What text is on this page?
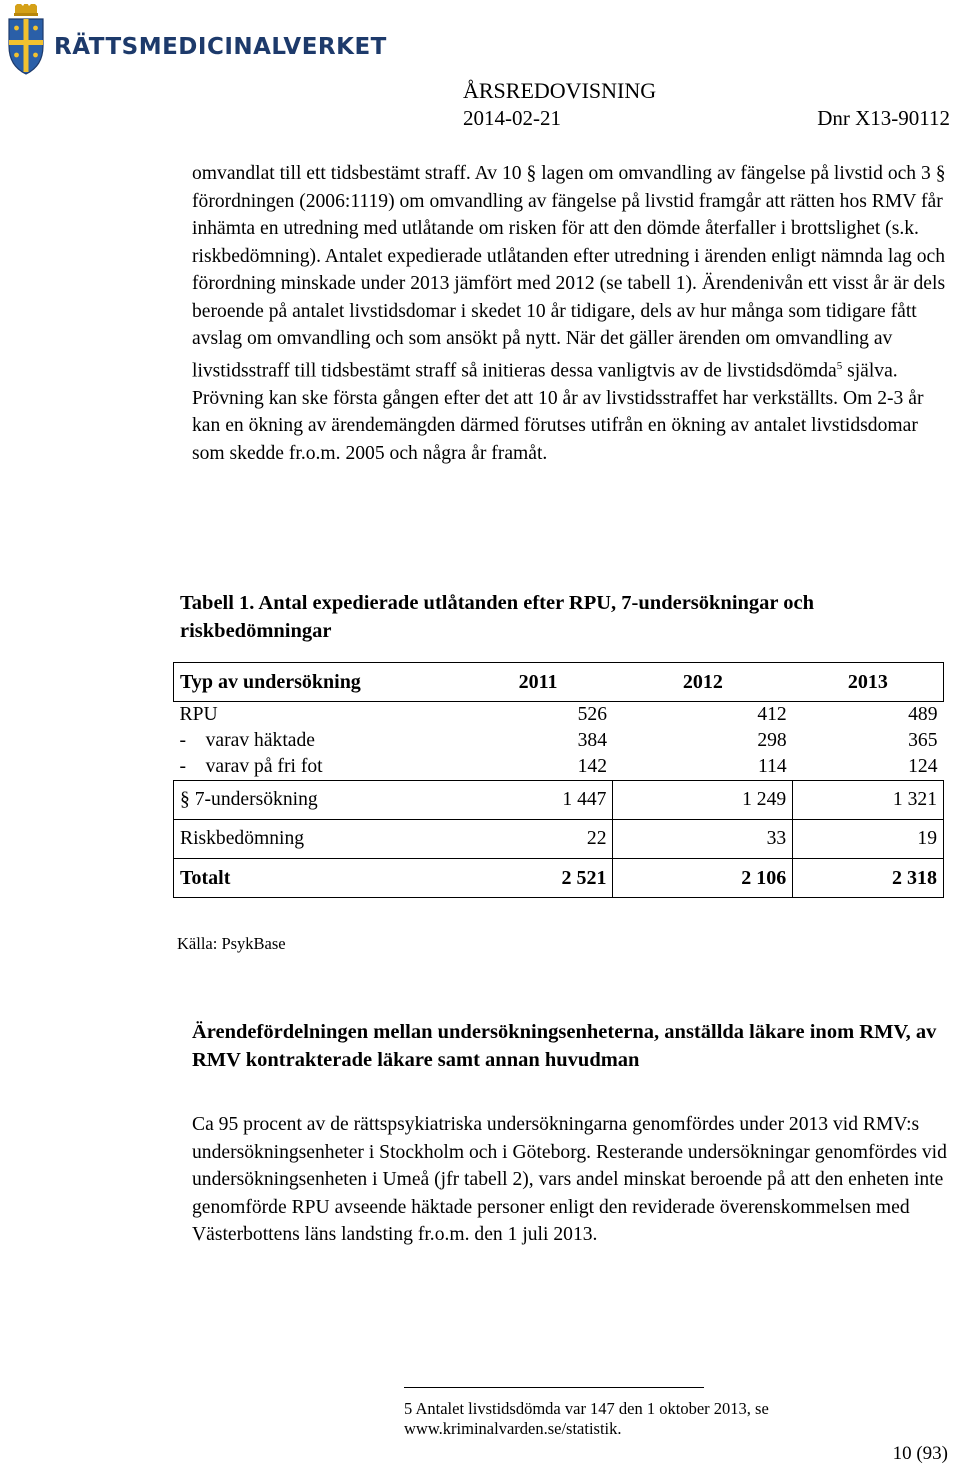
RÄTTSMEDICINALVERKET
ÅRSREDOVISNING
2014-02-21	Dnr X13-90112

omvandlat till ett tidsbestämt straff. Av 10 § lagen om omvandling av fängelse på livstid och 3 § förordningen (2006:1119) om omvandling av fängelse på livstid framgår att rätten hos RMV får inhämta en utredning med utlåtande om risken för att den dömde återfaller i brottslighet (s.k. riskbedömning). Antalet expedierade utlåtanden efter utredning i ärenden enligt nämnda lag och förordning minskade under 2013 jämfört med 2012 (se tabell 1). Ärendenivån ett visst år är dels beroende på antalet livstidsdomar i skedet 10 år tidigare, dels av hur många som tidigare fått avslag om omvandling och som ansökt på nytt. När det gäller ärenden om omvandling av livstidsstraff till tidsbestämt straff så initieras dessa vanligtvis av de livstidsdömda$^5$ själva. Prövning kan ske första gången efter det att 10 år av livstidsstraffet har verkställts. Om 2-3 år kan en ökning av ärendemängden därmed förutses utifrån en ökning av antalet livstidsdomar som skedde fr.o.m. 2005 och några år framåt.

Tabell 1. Antal expedierade utlåtanden efter RPU, 7-undersökningar och riskbedömningar

Typ av undersökning	2011	2012	2013
RPU	526	412	489
-    varav häktade	384	298	365
-    varav på fri fot	142	114	124
§ 7-undersökning	1 447	1 249	1 321
Riskbedömning	22	33	19
Totalt	2 521	2 106	2 318
Källa: PsykBase

Ärendefördelningen mellan undersökningsenheterna, anställda läkare inom RMV, av RMV kontrakterade läkare samt annan huvudman

Ca 95 procent av de rättspsykiatriska undersökningarna genomfördes under 2013 vid RMV:s undersökningsenheter i Stockholm och i Göteborg. Resterande undersökningar genomfördes vid undersökningsenheten i Umeå (jfr tabell 2), vars andel minskat beroende på att den enheten inte genomförde RPU avseende häktade personer enligt den reviderade överenskommelsen med Västerbottens läns landsting fr.o.m. den 1 juli 2013.

5 Antalet livstidsdömda var 147 den 1 oktober 2013, se www.kriminalvarden.se/statistik.
10 (93)
